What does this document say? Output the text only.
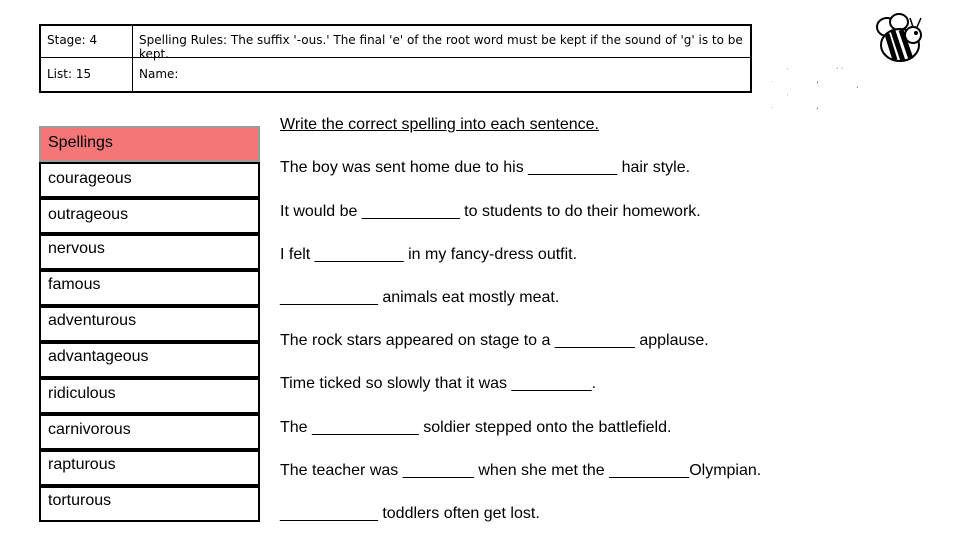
Stage: 4	Spelling Rules: The suffix '-ous.' The final 'e' of the root word must be kept if the sound of 'g' is to be kept.
List: 15	Name:	Spelling Shed
Spellings
courageous
outrageous
nervous
famous
adventurous
advantageous
ridiculous
carnivorous
rapturous
torturous
Write the correct spelling into each sentence.
The boy was sent home due to his __________ hair style.
It would be ___________ to students to do their homework.
I felt __________ in my fancy-dress outfit.
___________ animals eat mostly meat.
The rock stars appeared on stage to a _________ applause.
Time ticked so slowly that it was _________.
The ____________ soldier stepped onto the battlefield.
The teacher was ________ when she met the _________Olympian.
___________ toddlers often get lost.
